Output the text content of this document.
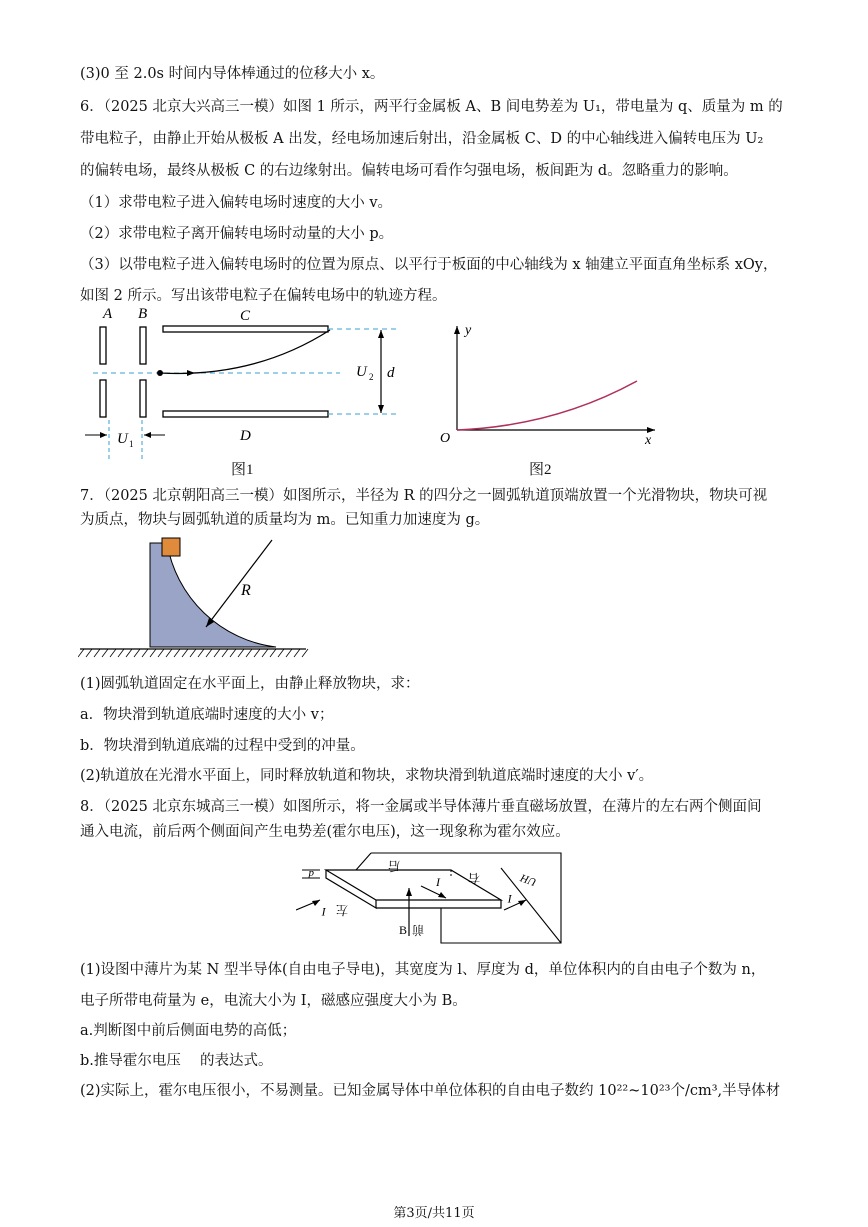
(3)0 至 2.0s 时间内导体棒通过的位移大小 x。
6．（2025 北京大兴高三一模）如图 1 所示，两平行金属板 A、B 间电势差为 U₁，带电量为 q、质量为 m 的
带电粒子，由静止开始从极板 A 出发，经电场加速后射出，沿金属板 C、D 的中心轴线进入偏转电压为 U₂
的偏转电场，最终从极板 C 的右边缘射出。偏转电场可看作匀强电场，板间距为 d。忽略重力的影响。
（1）求带电粒子进入偏转电场时速度的大小 v。
（2）求带电粒子离开偏转电场时动量的大小 p。
（3）以带电粒子进入偏转电场时的位置为原点、以平行于板面的中心轴线为 x 轴建立平面直角坐标系 xOy，
如图 2 所示。写出该带电粒子在偏转电场中的轨迹方程。
A B	C
D
d
U 2
U 1
图1
y
x
O
图2
7．（2025 北京朝阳高三一模）如图所示，半径为 R 的四分之一圆弧轨道顶端放置一个光滑物块，物块可视
为质点，物块与圆弧轨道的质量均为 m。已知重力加速度为 g。
R
(1)圆弧轨道固定在水平面上，由静止释放物块，求：
a．物块滑到轨道底端时速度的大小 v；
b．物块滑到轨道底端的过程中受到的冲量。
(2)轨道放在光滑水平面上，同时释放轨道和物块，求物块滑到轨道底端时速度的大小 v′。
8．（2025 北京东城高三一模）如图所示，将一金属或半导体薄片垂直磁场放置，在薄片的左右两个侧面间
通入电流，前后两个侧面间产生电势差(霍尔电压)，这一现象称为霍尔效应。
d
I
I
I
B
后
前
左
右	UH
(1)设图中薄片为某 N 型半导体(自由电子导电)，其宽度为 l、厚度为 d，单位体积内的自由电子个数为 n，
电子所带电荷量为 e，电流大小为 I，磁感应强度大小为 B。
a.判断图中前后侧面电势的高低；
b.推导霍尔电压　 的表达式。
(2)实际上，霍尔电压很小，不易测量。已知金属导体中单位体积的自由电子数约 10²²~10²³个/cm³,半导体材
第3页/共11页
